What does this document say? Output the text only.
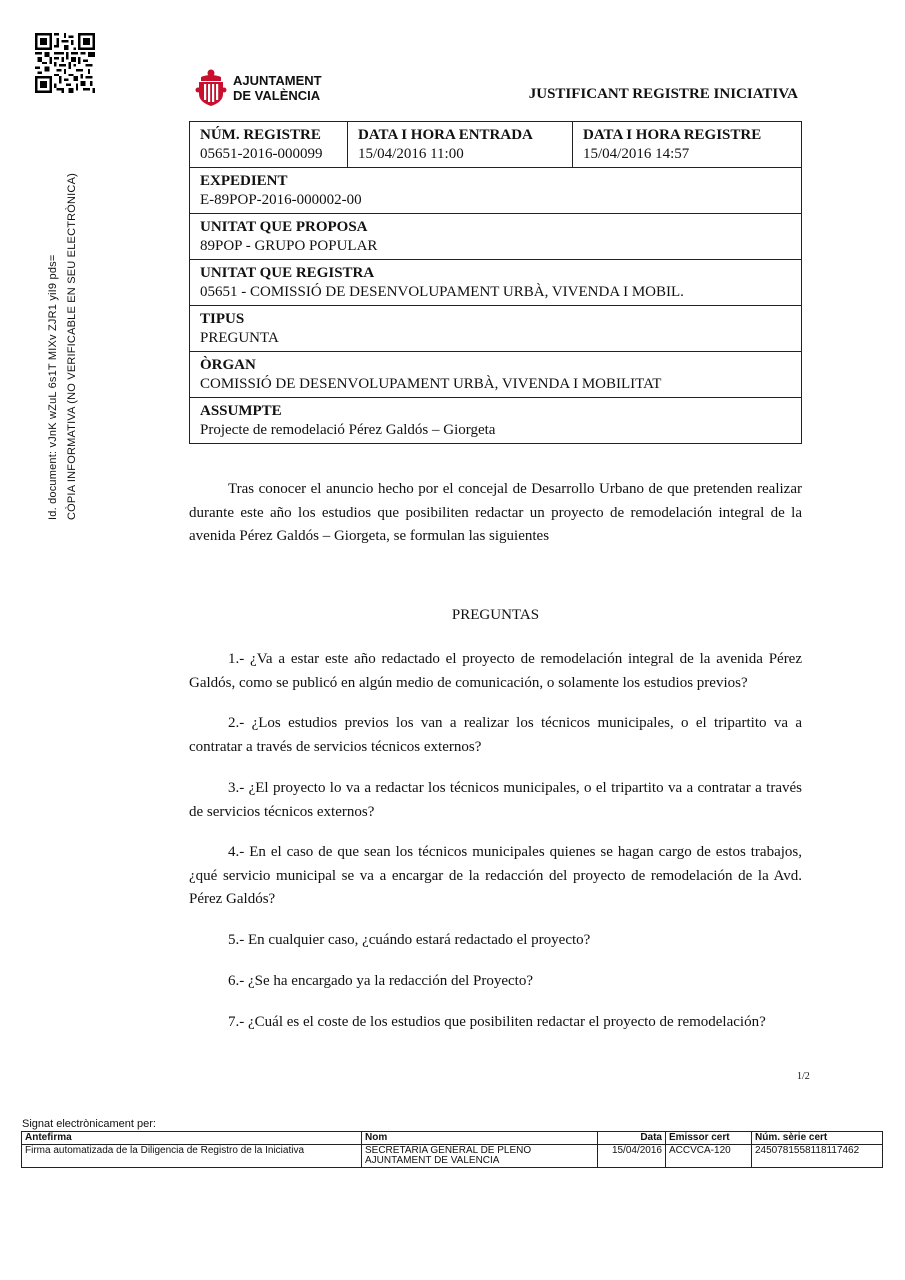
Id. document: vJnK wZuL 6s1T MIXv ZJR1 yiI9 pds= CÒPIA INFORMATIVA (NO VERIFICABLE EN SEU ELECTRÒNICA)
AJUNTAMENT
DE VALÈNCIA	JUSTIFICANT REGISTRE INICIATIVA
NÚM. REGISTRE
05651-2016-000099	
DATA I HORA ENTRADA
15/04/2016 11:00	
DATA I HORA REGISTRE
15/04/2016 14:57

EXPEDIENT
E-89POP-2016-000002-00

UNITAT QUE PROPOSA
89POP - GRUPO POPULAR

UNITAT QUE REGISTRA
05651 - COMISSIÓ DE DESENVOLUPAMENT URBÀ, VIVENDA I MOBIL.

TIPUS
PREGUNTA

ÒRGAN
COMISSIÓ DE DESENVOLUPAMENT URBÀ, VIVENDA I MOBILITAT

ASSUMPTE
Projecte de remodelació Pérez Galdós – Giorgeta
Tras conocer el anuncio hecho por el concejal de Desarrollo Urbano de que pretenden realizar durante este año los estudios que posibiliten redactar un proyecto de remodelación integral de la avenida Pérez Galdós – Giorgeta, se formulan las siguientes
PREGUNTAS
1.- ¿Va a estar este año redactado el proyecto de remodelación integral de la avenida Pérez Galdós, como se publicó en algún medio de comunicación, o solamente los estudios previos?
2.- ¿Los estudios previos los van a realizar los técnicos municipales, o el tripartito va a contratar a través de servicios técnicos externos?
3.- ¿El proyecto lo va a redactar los técnicos municipales, o el tripartito va a contratar a través de servicios técnicos externos?
4.- En el caso de que sean los técnicos municipales quienes se hagan cargo de estos trabajos, ¿qué servicio municipal se va a encargar de la redacción del proyecto de remodelación de la Avd. Pérez Galdós?
5.- En cualquier caso, ¿cuándo estará redactado el proyecto?
6.- ¿Se ha encargado ya la redacción del Proyecto?
7.- ¿Cuál es el coste de los estudios que posibiliten redactar el proyecto de remodelación?
1/2
Signat electrònicament per:
Antefirma	Nom	Data	Emissor cert	Núm. sèrie cert
Firma automatizada de la Diligencia de Registro de la Iniciativa	SECRETARIA GENERAL DE PLENO
AJUNTAMENT DE VALENCIA	15/04/2016	ACCVCA-120	2450781558118117462
